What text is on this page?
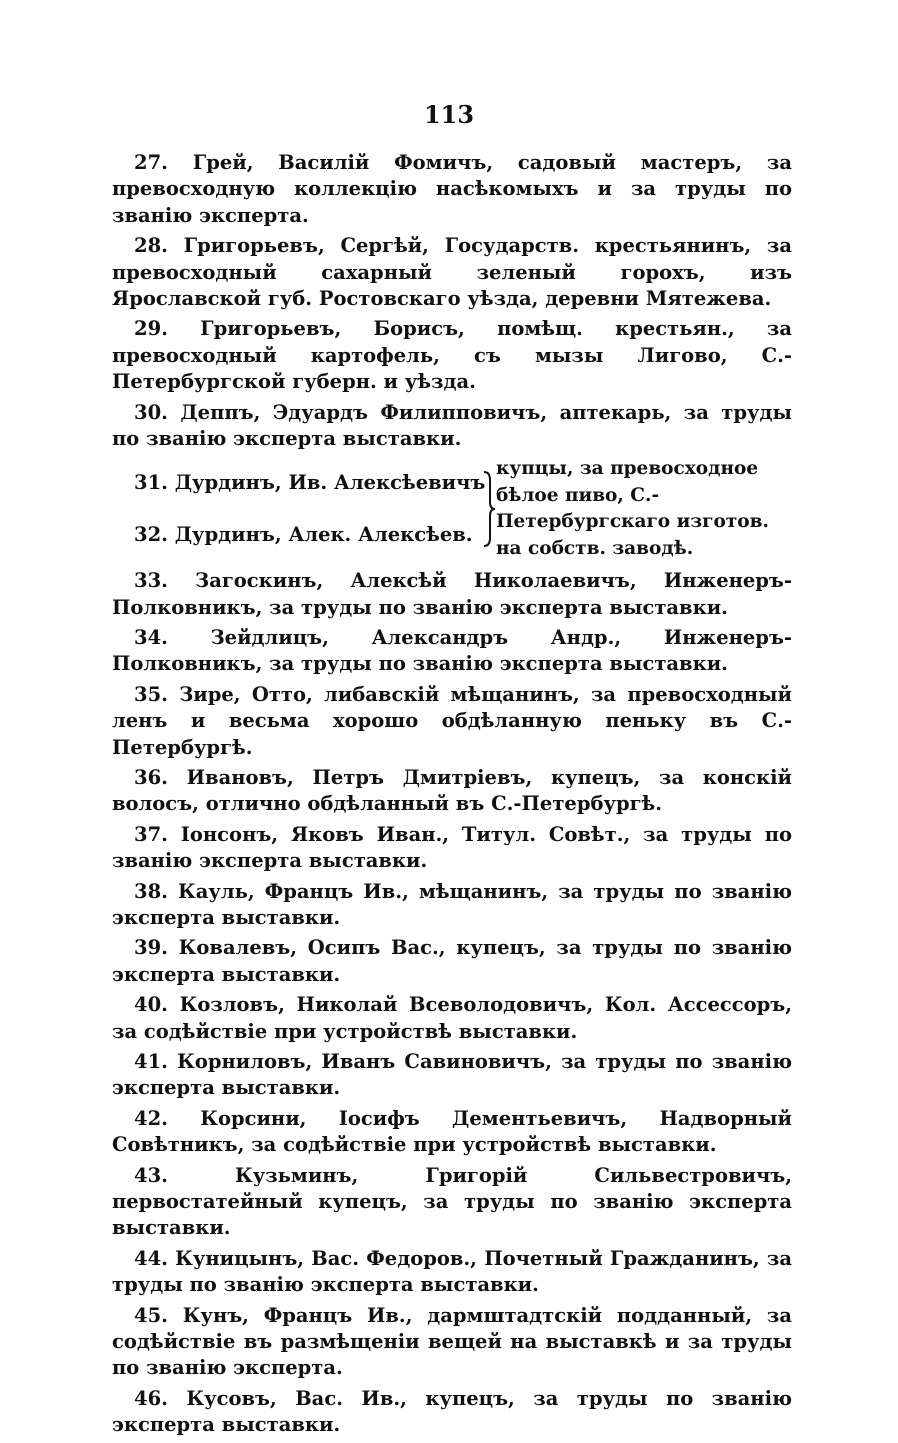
113

27. Грей, Василій Фомичъ, садовый мастеръ, за превосходную коллекцію насѣкомыхъ и за труды по званію эксперта.

28. Григорьевъ, Сергѣй, Государств. крестьянинъ, за превосходный сахарный зеленый горохъ, изъ Ярославской губ. Ростовскаго уѣзда, деревни Мятежева.

29. Григорьевъ, Борисъ, помѣщ. крестьян., за превосходный картофель, съ мызы Лигово, С.-Петербургской губерн. и уѣзда.

30. Деппъ, Эдуардъ Филипповичъ, аптекарь, за труды по званію эксперта выставки.

31. Дурдинъ, Ив. Алексѣевичъ
32. Дурдинъ, Алек. Алексѣев.
купцы, за превосходное бѣлое пиво, С.-Петербургскаго изготов. на собств. заводѣ.

33. Загоскинъ, Алексѣй Николаевичъ, Инженеръ-Полковникъ, за труды по званію эксперта выставки.

34. Зейдлицъ, Александръ Андр., Инженеръ-Полковникъ, за труды по званію эксперта выставки.

35. Зире, Отто, либавскій мѣщанинъ, за превосходный ленъ и весьма хорошо обдѣланную пеньку въ С.-Петербургѣ.

36. Ивановъ, Петръ Дмитріевъ, купецъ, за конскій волосъ, отлично обдѣланный въ С.-Петербургѣ.

37. Іонсонъ, Яковъ Иван., Титул. Совѣт., за труды по званію эксперта выставки.

38. Кауль, Францъ Ив., мѣщанинъ, за труды по званію эксперта выставки.

39. Ковалевъ, Осипъ Вас., купецъ, за труды по званію эксперта выставки.

40. Козловъ, Николай Всеволодовичъ, Кол. Ассессоръ, за содѣйствіе при устройствѣ выставки.

41. Корниловъ, Иванъ Савиновичъ, за труды по званію эксперта выставки.

42. Корсини, Іосифъ Дементьевичъ, Надворный Совѣтникъ, за содѣйствіе при устройствѣ выставки.

43. Кузьминъ, Григорій Сильвестровичъ, первостатейный купецъ, за труды по званію эксперта выставки.

44. Куницынъ, Вас. Федоров., Почетный Гражданинъ, за труды по званію эксперта выставки.

45. Кунъ, Францъ Ив., дармштадтскій подданный, за содѣйствіе въ размѣщеніи вещей на выставкѣ и за труды по званію эксперта.

46. Кусовъ, Вас. Ив., купецъ, за труды по званію эксперта выставки.
